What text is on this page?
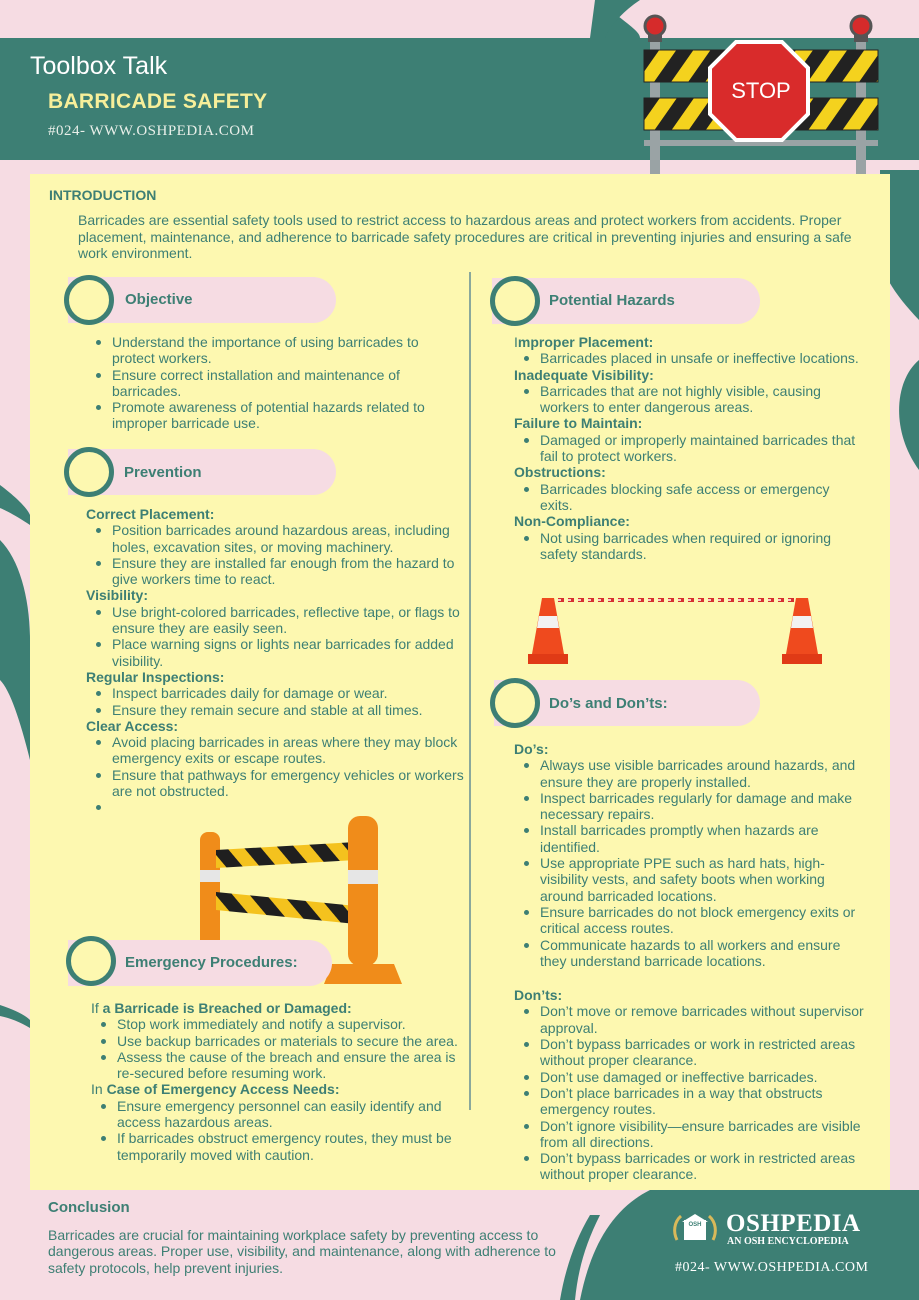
STOP
Toolbox Talk
BARRICADE SAFETY
#024- WWW.OSHPEDIA.COM
INTRODUCTION
Barricades are essential safety tools used to restrict access to hazardous areas and protect workers from accidents. Proper placement, maintenance, and adherence to barricade safety procedures are critical in preventing injuries and ensuring a safe work environment.
Objective
Understand the importance of using barricades to protect workers.
Ensure correct installation and maintenance of barricades.
Promote awareness of potential hazards related to improper barricade use.
Prevention
Correct Placement:
Position barricades around hazardous areas, including holes, excavation sites, or moving machinery.
Ensure they are installed far enough from the hazard to give workers time to react.
Visibility:
Use bright-colored barricades, reflective tape, or flags to ensure they are easily seen.
Place warning signs or lights near barricades for added visibility.
Regular Inspections:
Inspect barricades daily for damage or wear.
Ensure they remain secure and stable at all times.
Clear Access:
Avoid placing barricades in areas where they may block emergency exits or escape routes.
Ensure that pathways for emergency vehicles or workers are not obstructed.
Emergency Procedures:
If a Barricade is Breached or Damaged:
Stop work immediately and notify a supervisor.
Use backup barricades or materials to secure the area.
Assess the cause of the breach and ensure the area is re-secured before resuming work.
In Case of Emergency Access Needs:
Ensure emergency personnel can easily identify and access hazardous areas.
If barricades obstruct emergency routes, they must be temporarily moved with caution.
Potential Hazards
Improper Placement:
Barricades placed in unsafe or ineffective locations.
Inadequate Visibility:
Barricades that are not highly visible, causing workers to enter dangerous areas.
Failure to Maintain:
Damaged or improperly maintained barricades that fail to protect workers.
Obstructions:
Barricades blocking safe access or emergency exits.
Non-Compliance:
Not using barricades when required or ignoring safety standards.
Do’s and Don’ts:
Do’s:
Always use visible barricades around hazards, and ensure they are properly installed.
Inspect barricades regularly for damage and make necessary repairs.
Install barricades promptly when hazards are identified.
Use appropriate PPE such as hard hats, high-visibility vests, and safety boots when working around barricaded locations.
Ensure barricades do not block emergency exits or critical access routes.
Communicate hazards to all workers and ensure they understand barricade locations.
Don’ts:
Don’t move or remove barricades without supervisor approval.
Don’t bypass barricades or work in restricted areas without proper clearance.
Don’t use damaged or ineffective barricades.
Don’t place barricades in a way that obstructs emergency routes.
Don’t ignore visibility—ensure barricades are visible from all directions.
Don’t bypass barricades or work in restricted areas without proper clearance.
Conclusion
Barricades are crucial for maintaining workplace safety by preventing access to dangerous areas. Proper use, visibility, and maintenance, along with adherence to safety protocols, help prevent injuries.
OSH OSHPEDIA
AN OSH ENCYCLOPEDIA
#024- WWW.OSHPEDIA.COM
